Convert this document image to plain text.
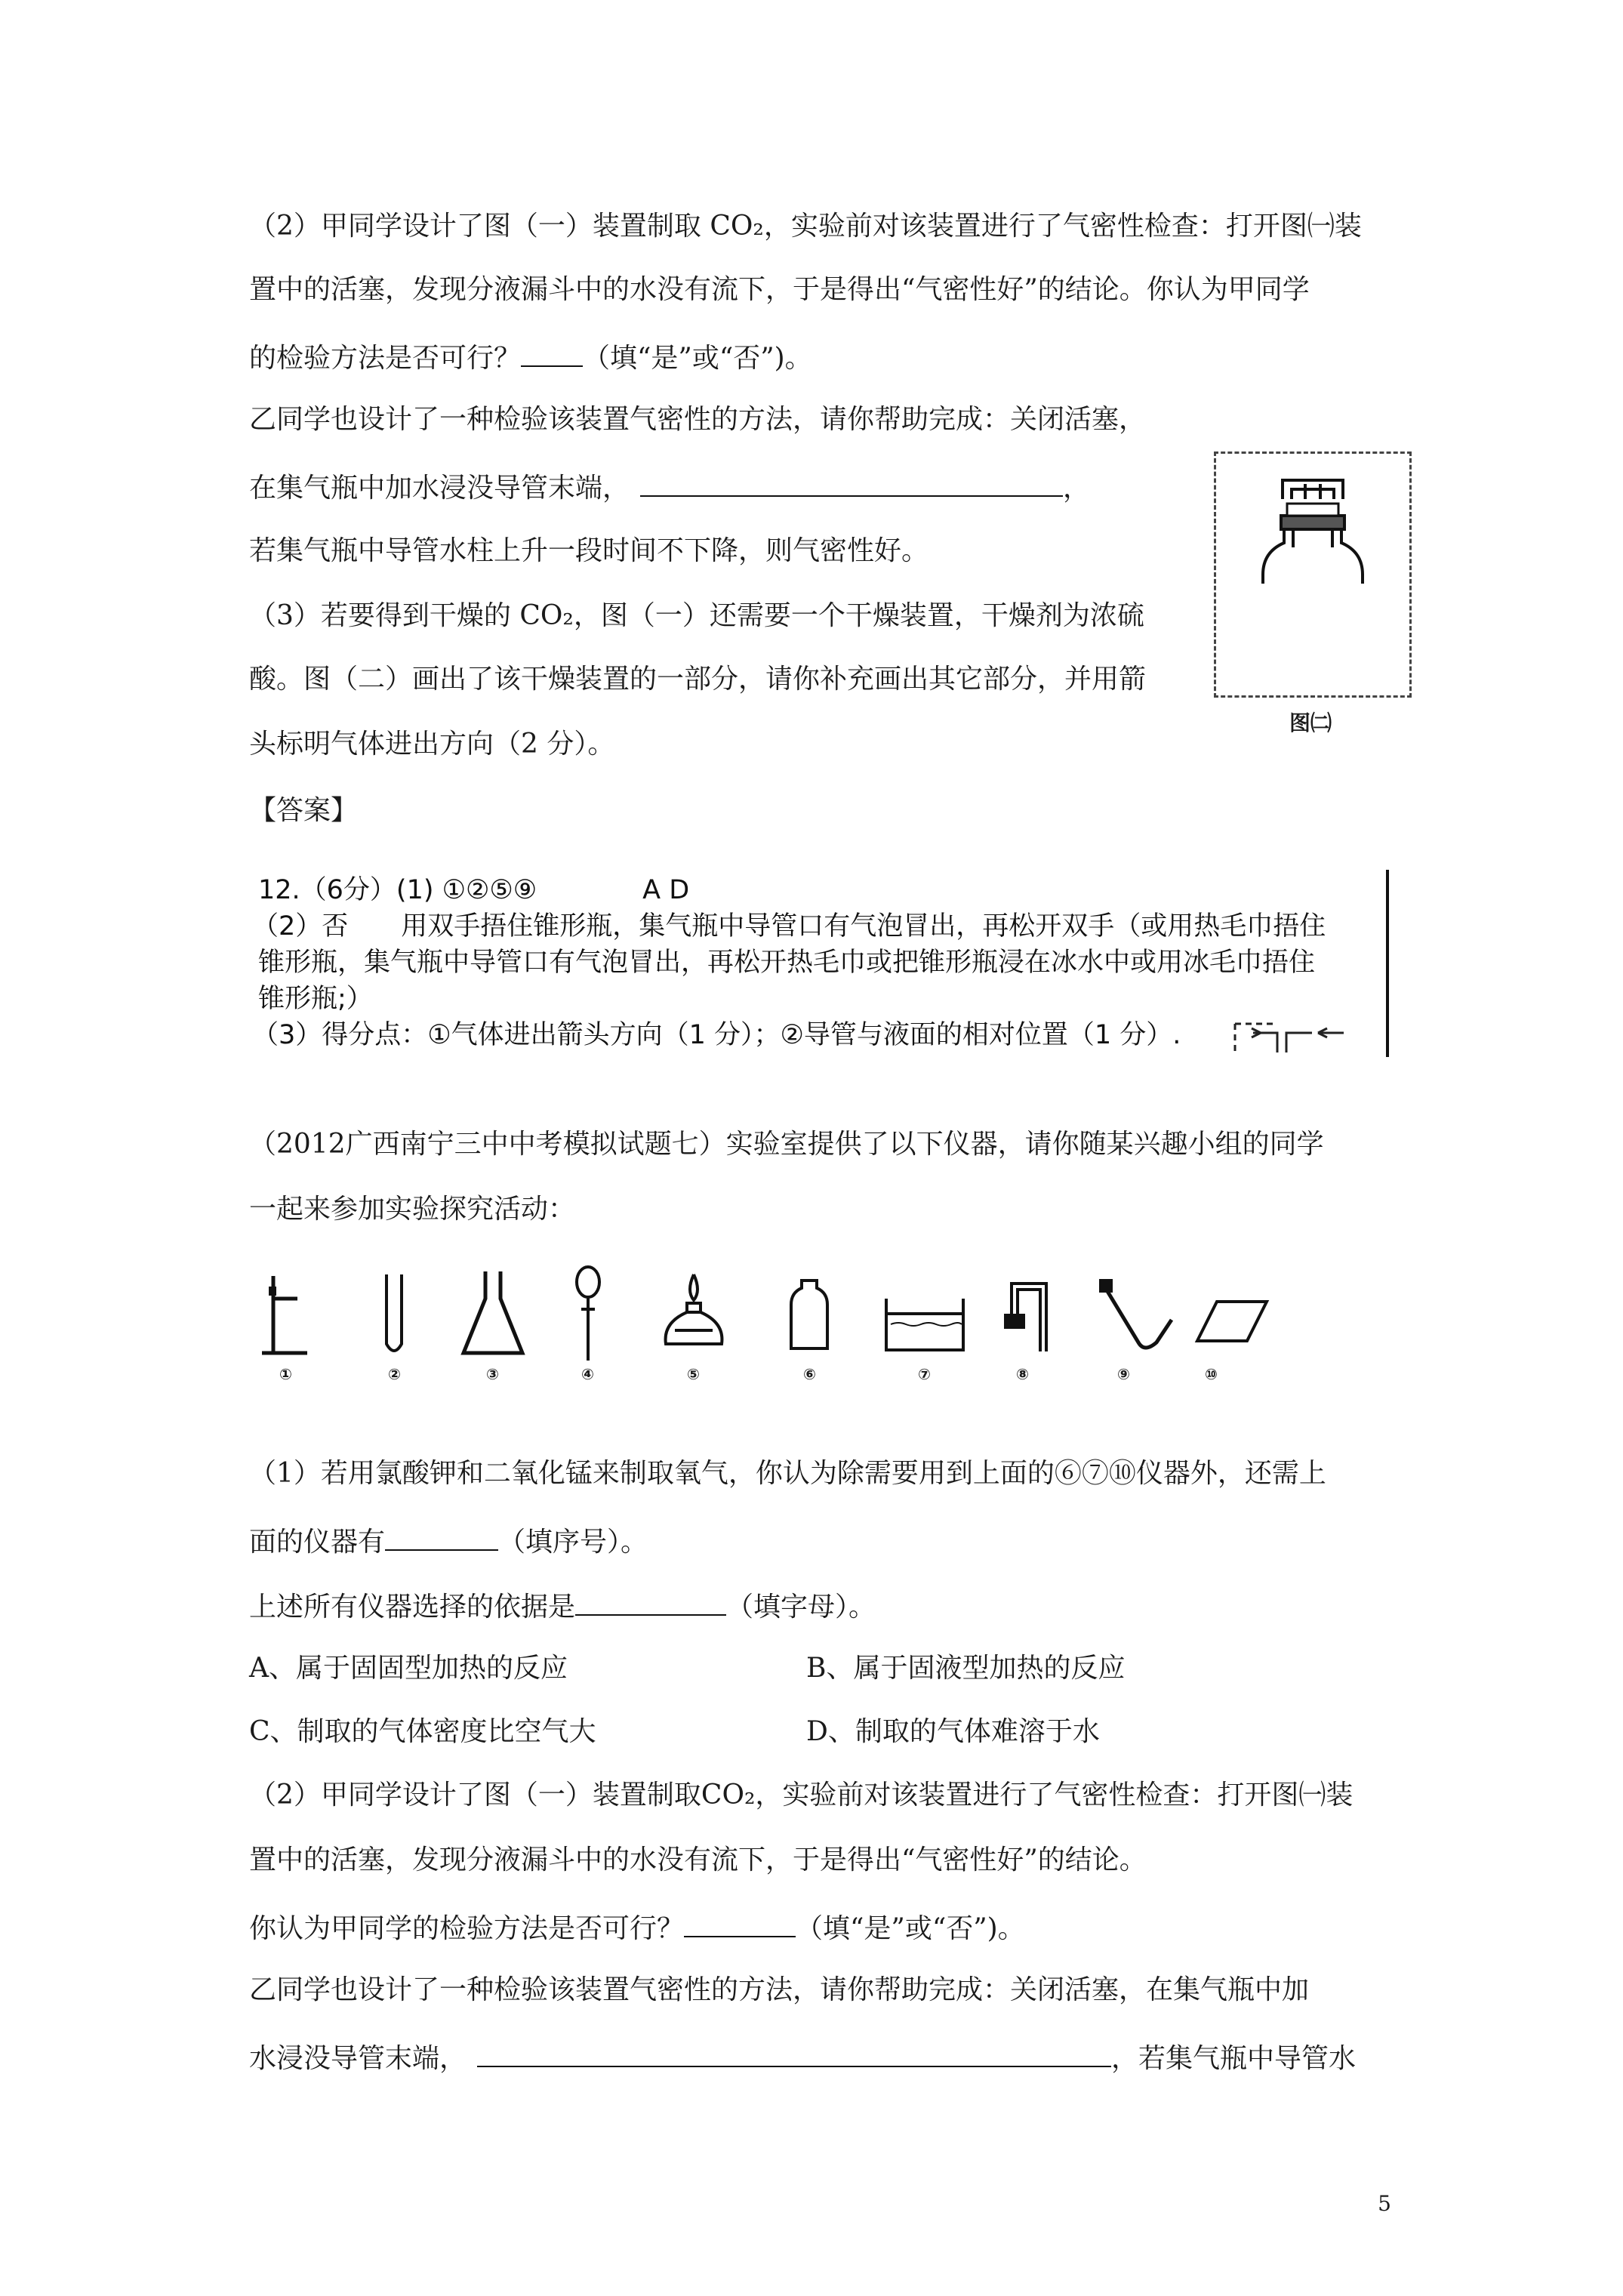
（2）甲同学设计了图（一）装置制取 CO₂，实验前对该装置进行了气密性检查：打开图㈠装
置中的活塞，发现分液漏斗中的水没有流下，于是得出“气密性好”的结论。你认为甲同学
的检验方法是否可行？ （填“是”或“否”)。
乙同学也设计了一种检验该装置气密性的方法，请你帮助完成：关闭活塞，
在集气瓶中加水浸没导管末端，	，
若集气瓶中导管水柱上升一段时间不下降，则气密性好。
（3）若要得到干燥的 CO₂，图（一）还需要一个干燥装置，干燥剂为浓硫
酸。图（二）画出了该干燥装置的一部分，请你补充画出其它部分，并用箭
头标明气体进出方向（2 分）。
图㈡
【答案】
12.（6分）(1) ①②⑤⑨　　　　A D
（2）否　　用双手捂住锥形瓶，集气瓶中导管口有气泡冒出，再松开双手（或用热毛巾捂住
锥形瓶，集气瓶中导管口有气泡冒出，再松开热毛巾或把锥形瓶浸在冰水中或用冰毛巾捂住
锥形瓶;）
（3）得分点：①气体进出箭头方向（1 分）；②导管与液面的相对位置（1 分）.
（2012广西南宁三中中考模拟试题七）实验室提供了以下仪器，请你随某兴趣小组的同学
一起来参加实验探究活动：
①	②	③	④	⑤	⑥	⑦	⑧	⑨	⑩
（1）若用氯酸钾和二氧化锰来制取氧气，你认为除需要用到上面的⑥⑦⑩仪器外，还需上
面的仪器有	（填序号）。
上述所有仪器选择的依据是	（填字母）。
A、属于固固型加热的反应	B、属于固液型加热的反应
C、制取的气体密度比空气大	D、制取的气体难溶于水
（2）甲同学设计了图（一）装置制取CO₂，实验前对该装置进行了气密性检查：打开图㈠装
置中的活塞，发现分液漏斗中的水没有流下，于是得出“气密性好”的结论。
你认为甲同学的检验方法是否可行？	（填“是”或“否”)。
乙同学也设计了一种检验该装置气密性的方法，请你帮助完成：关闭活塞，在集气瓶中加
水浸没导管末端，	，若集气瓶中导管水
5
